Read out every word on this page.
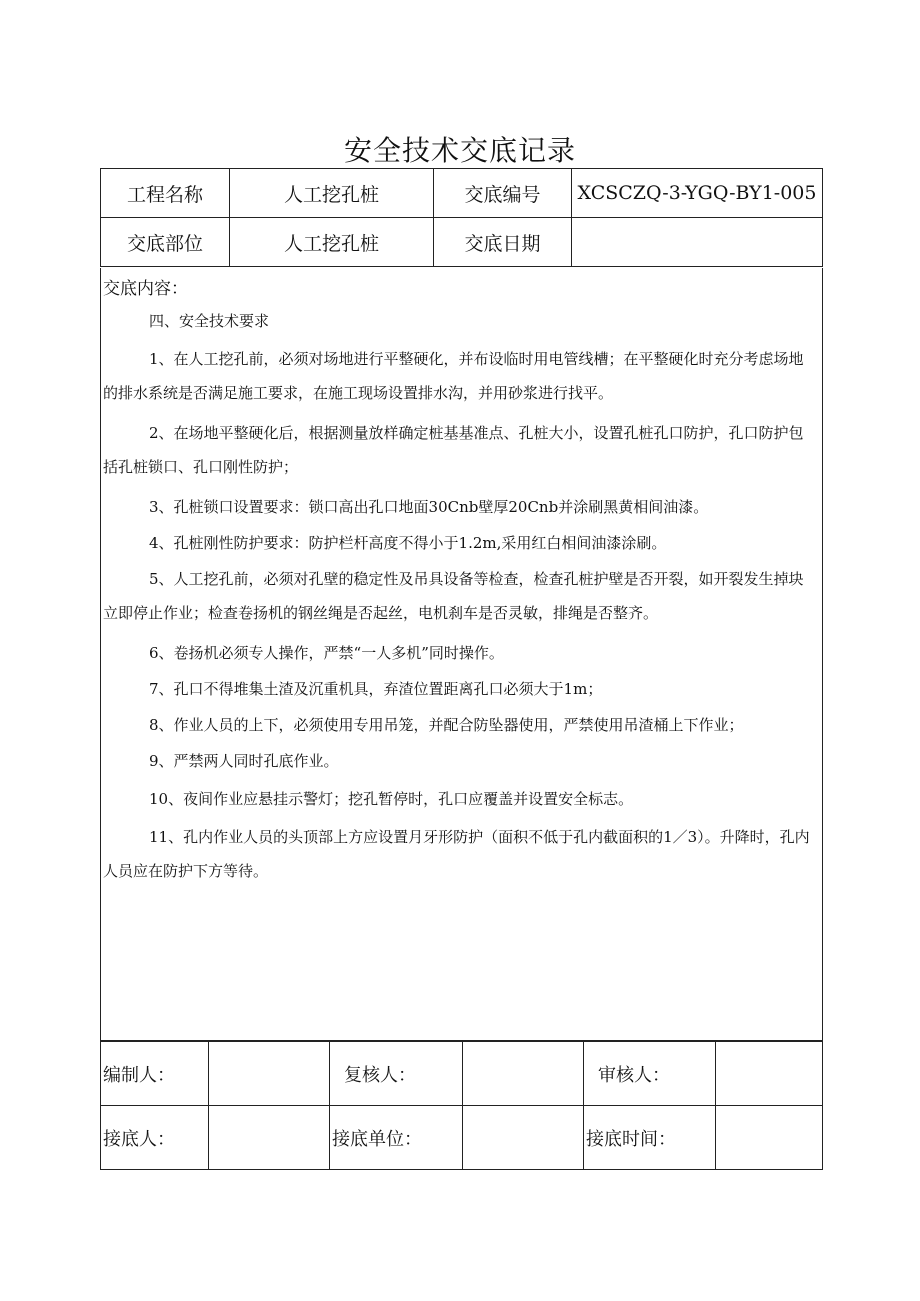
安全技术交底记录
工程名称	人工挖孔桩	交底编号	XCSCZQ-3-YGQ-BY1-005
交底部位	人工挖孔桩	交底日期	
交底内容：
四、安全技术要求
1、在人工挖孔前，必须对场地进行平整硬化，并布设临时用电管线槽；在平整硬化时充分考虑场地的排水系统是否满足施工要求，在施工现场设置排水沟，并用砂浆进行找平。
2、在场地平整硬化后，根据测量放样确定桩基基准点、孔桩大小，设置孔桩孔口防护，孔口防护包括孔桩锁口、孔口刚性防护；
3、孔桩锁口设置要求：锁口高出孔口地面30Cnb壁厚20Cnb并涂刷黑黄相间油漆。
4、孔桩刚性防护要求：防护栏杆高度不得小于1.2m,采用红白相间油漆涂刷。
5、人工挖孔前，必须对孔壁的稳定性及吊具设备等检查，检查孔桩护壁是否开裂，如开裂发生掉块立即停止作业；检查卷扬机的钢丝绳是否起丝，电机刹车是否灵敏，排绳是否整齐。
6、卷扬机必须专人操作，严禁“一人多机”同时操作。
7、孔口不得堆集土渣及沉重机具，弃渣位置距离孔口必须大于1m；
8、作业人员的上下，必须使用专用吊笼，并配合防坠器使用，严禁使用吊渣桶上下作业；
9、严禁两人同时孔底作业。
10、夜间作业应悬挂示警灯；挖孔暂停时，孔口应覆盖并设置安全标志。
11、孔内作业人员的头顶部上方应设置月牙形防护（面积不低于孔内截面积的1／3）。升降时，孔内人员应在防护下方等待。
编制人：		复核人：		审核人：	
接底人：		接底单位：		接底时间：	
